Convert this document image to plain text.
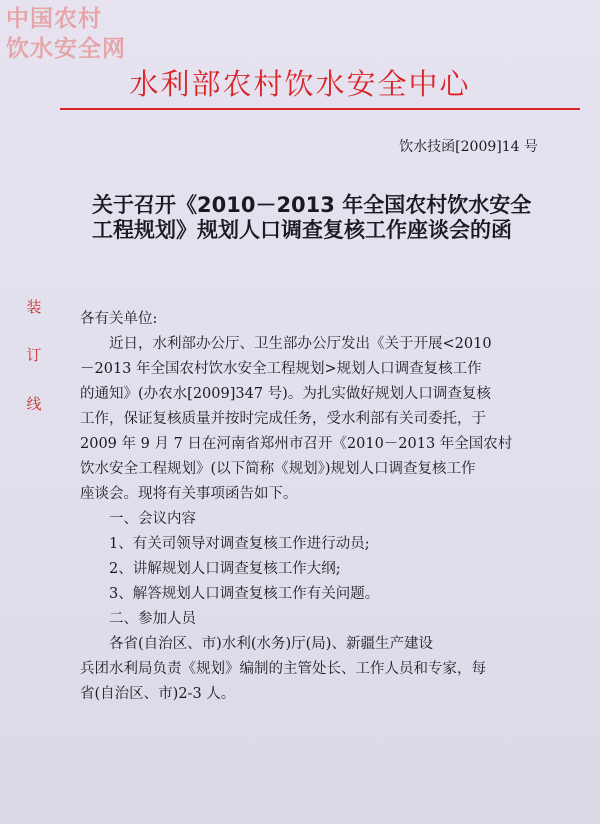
中国农村
饮水安全网
水利部农村饮水安全中心
饮水技函[2009]14 号
关于召开《2010－2013 年全国农村饮水安全
工程规划》规划人口调查复核工作座谈会的函
装
订
线
各有关单位:
近日，水利部办公厅、卫生部办公厅发出《关于开展<2010
－2013 年全国农村饮水安全工程规划>规划人口调查复核工作
的通知》(办农水[2009]347 号)。为扎实做好规划人口调查复核
工作，保证复核质量并按时完成任务，受水利部有关司委托，于
2009 年 9 月 7 日在河南省郑州市召开《2010－2013 年全国农村
饮水安全工程规划》(以下简称《规划》)规划人口调查复核工作
座谈会。现将有关事项函告如下。
一、会议内容
1、有关司领导对调查复核工作进行动员;
2、讲解规划人口调查复核工作大纲;
3、解答规划人口调查复核工作有关问题。
二、参加人员
各省(自治区、市)水利(水务)厅(局)、新疆生产建设
兵团水利局负责《规划》编制的主管处长、工作人员和专家，每
省(自治区、市)2-3 人。
